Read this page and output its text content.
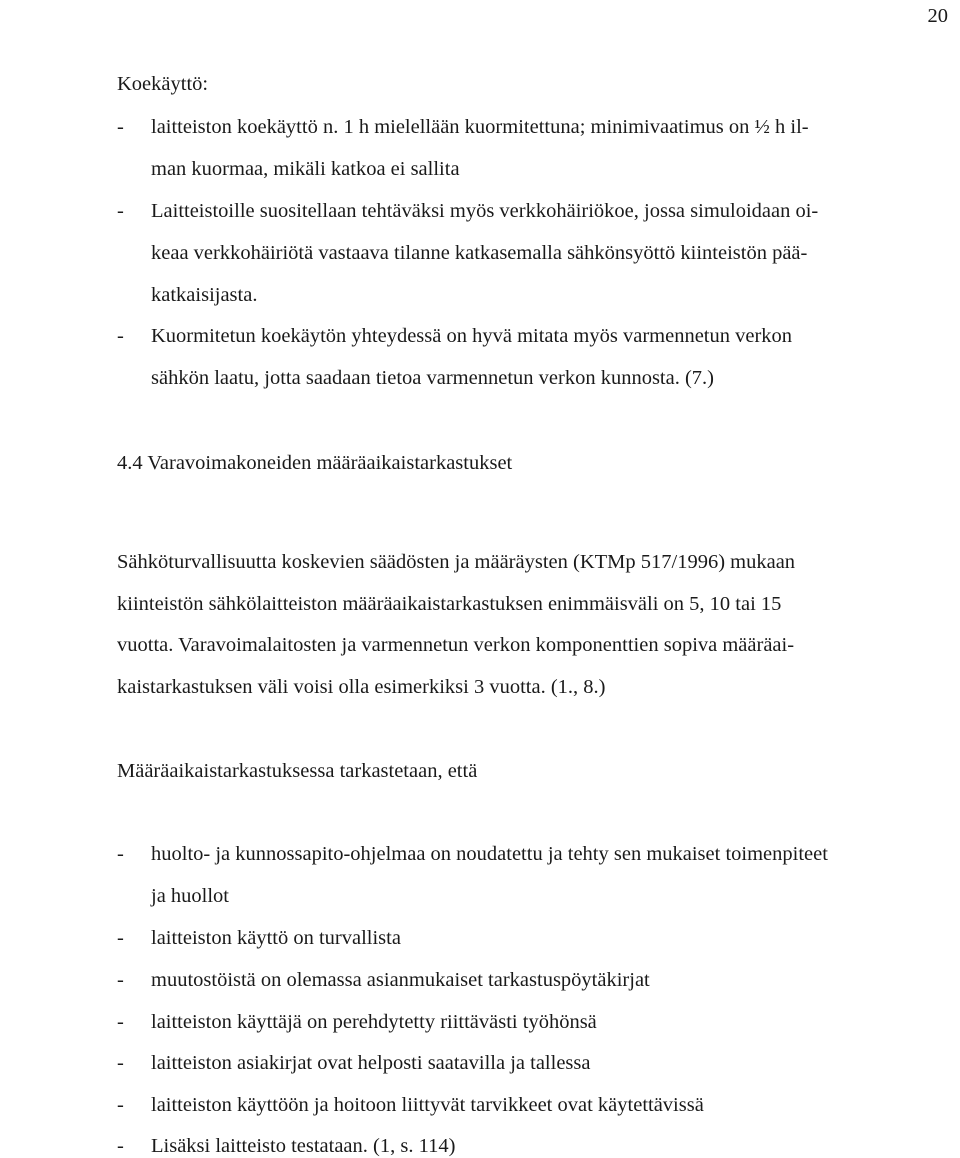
20
Koekäyttö:
- laitteiston koekäyttö n. 1 h mielellään kuormitettuna; minimivaatimus on ½ h il-
man kuormaa, mikäli katkoa ei sallita
- Laitteistoille suositellaan tehtäväksi myös verkkohäiriökoe, jossa simuloidaan oi-
keaa verkkohäiriötä vastaava tilanne katkasemalla sähkönsyöttö kiinteistön pää-
katkaisijasta.
- Kuormitetun koekäytön yhteydessä on hyvä mitata myös varmennetun verkon
sähkön laatu, jotta saadaan tietoa varmennetun verkon kunnosta. (7.)
4.4 Varavoimakoneiden määräaikaistarkastukset
Sähköturvallisuutta koskevien säädösten ja määräysten (KTMp 517/1996) mukaan
kiinteistön sähkölaitteiston määräaikaistarkastuksen enimmäisväli on 5, 10 tai 15
vuotta. Varavoimalaitosten ja varmennetun verkon komponenttien sopiva määräai-
kaistarkastuksen väli voisi olla esimerkiksi 3 vuotta. (1., 8.)
Määräaikaistarkastuksessa tarkastetaan, että
- huolto- ja kunnossapito-ohjelmaa on noudatettu ja tehty sen mukaiset toimenpiteet
ja huollot
- laitteiston käyttö on turvallista
- muutostöistä on olemassa asianmukaiset tarkastuspöytäkirjat
- laitteiston käyttäjä on perehdytetty riittävästi työhönsä
- laitteiston asiakirjat ovat helposti saatavilla ja tallessa
- laitteiston käyttöön ja hoitoon liittyvät tarvikkeet ovat käytettävissä
- Lisäksi laitteisto testataan. (1, s. 114)
